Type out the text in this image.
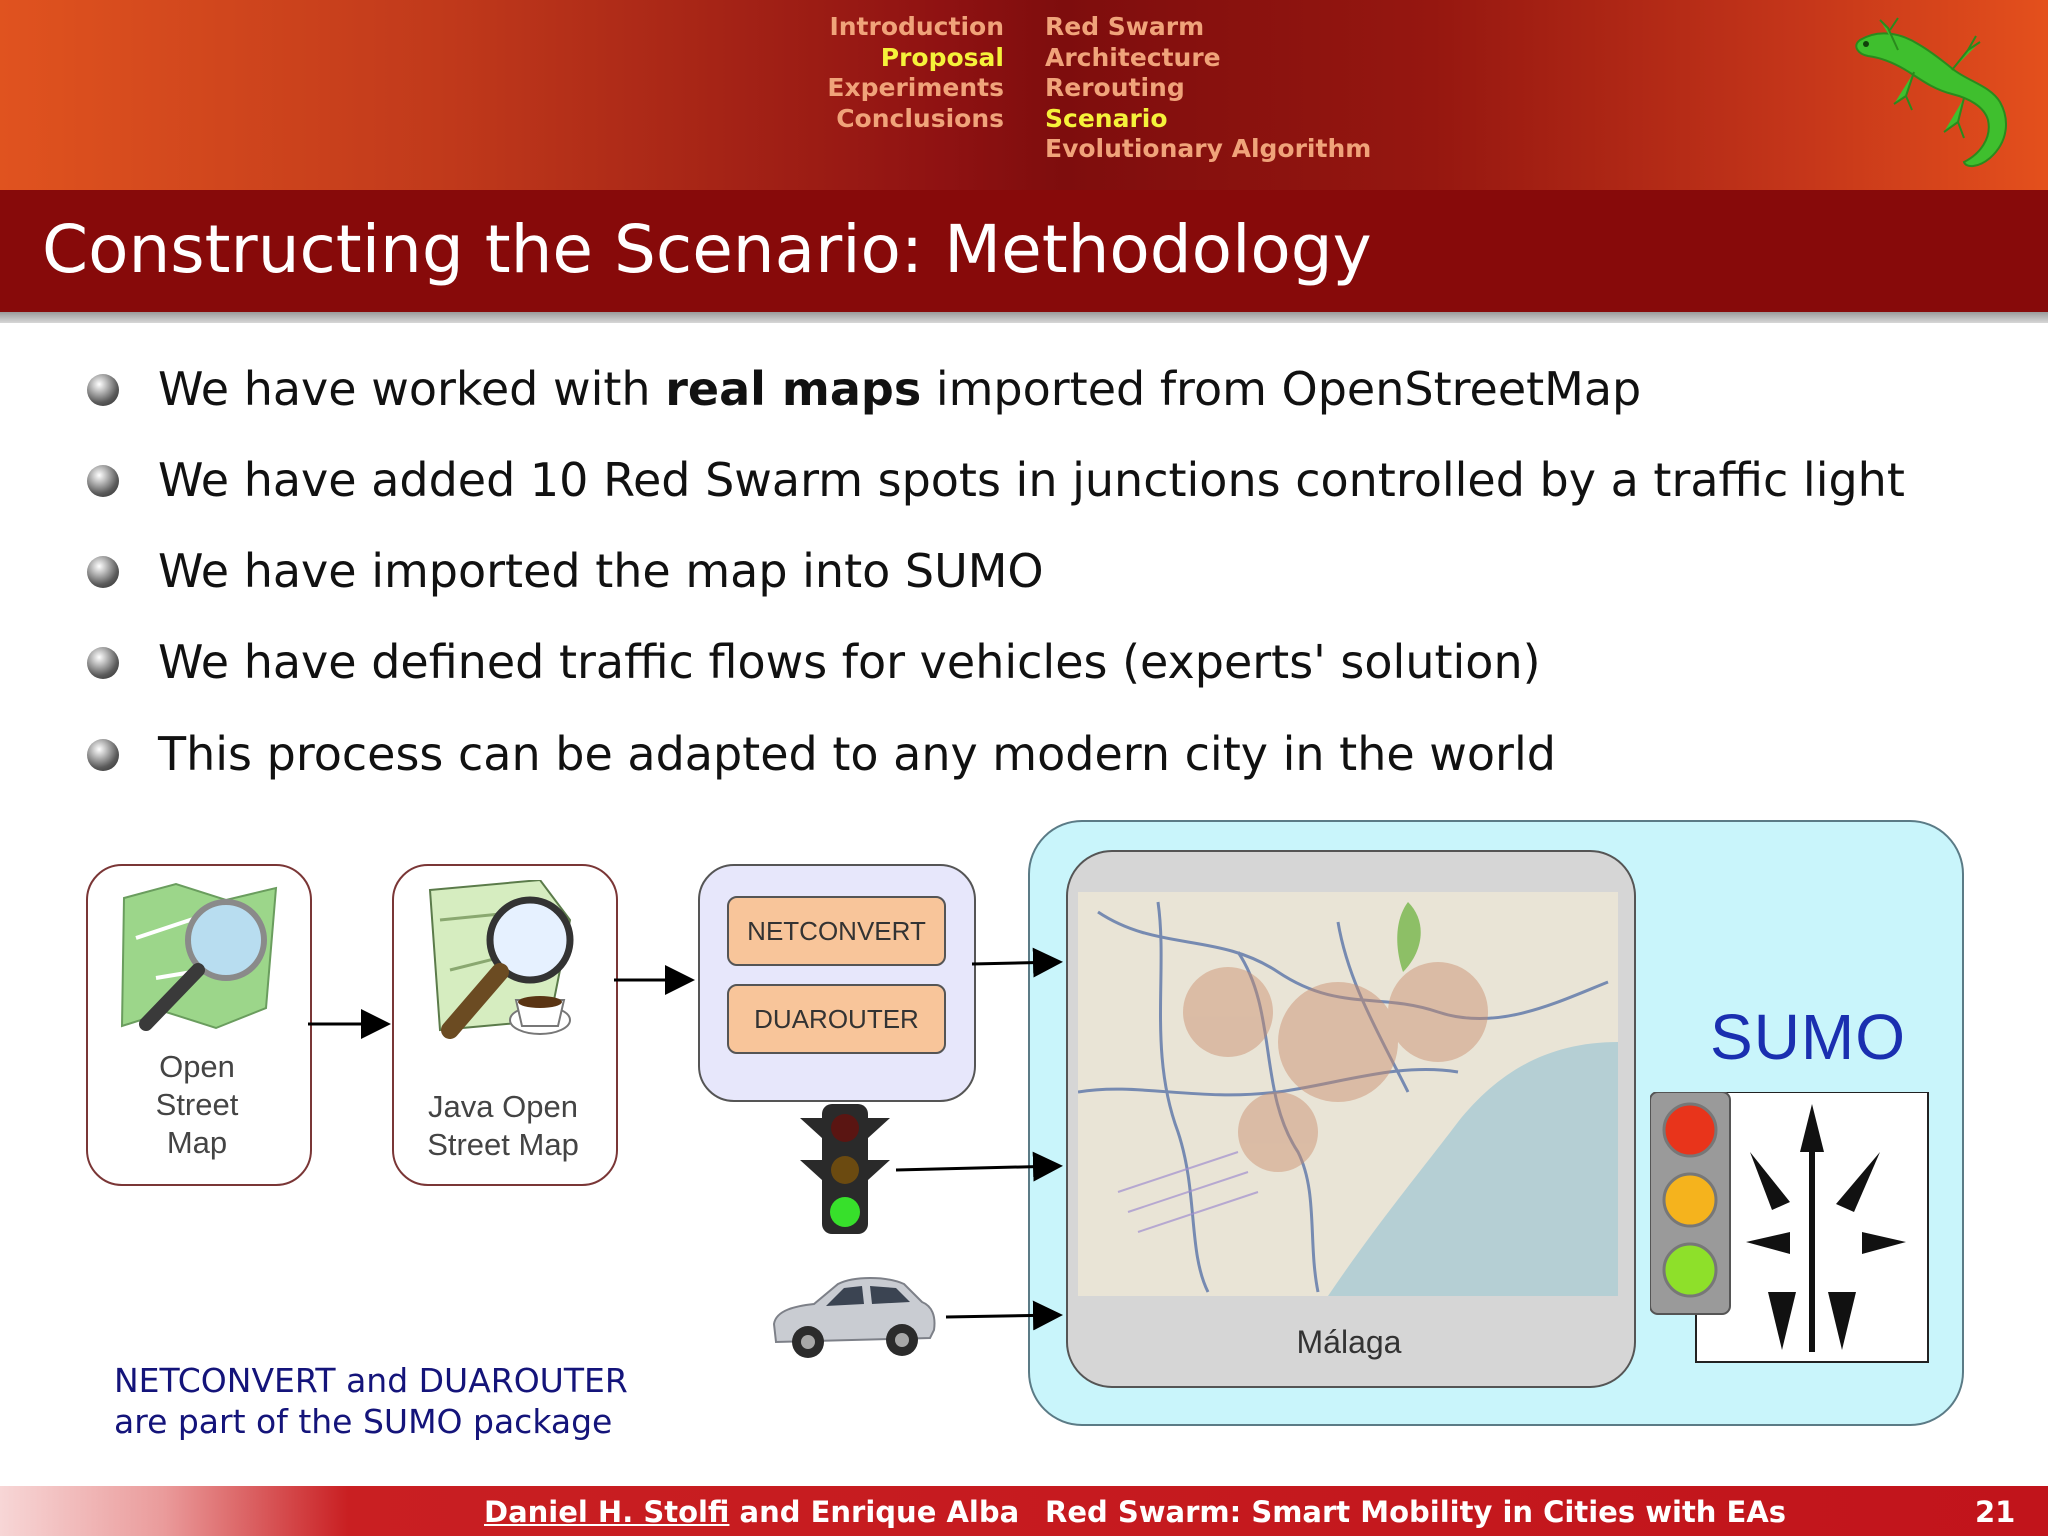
Introduction
Proposal
Experiments
Conclusions
Red Swarm
Architecture
Rerouting
Scenario
Evolutionary Algorithm
Constructing the Scenario: Methodology
We have worked with real maps imported from OpenStreetMap
We have added 10 Red Swarm spots in junctions controlled by a traffic light
We have imported the map into SUMO
We have defined traffic flows for vehicles (experts' solution)
This process can be adapted to any modern city in the world
Málaga
SUMO
Open
Street
Map
Java Open
Street Map
NETCONVERT
DUAROUTER
NETCONVERT and DUAROUTER
are part of the SUMO package
Daniel H. Stolfi and Enrique Alba Red Swarm: Smart Mobility in Cities with EAs	21
